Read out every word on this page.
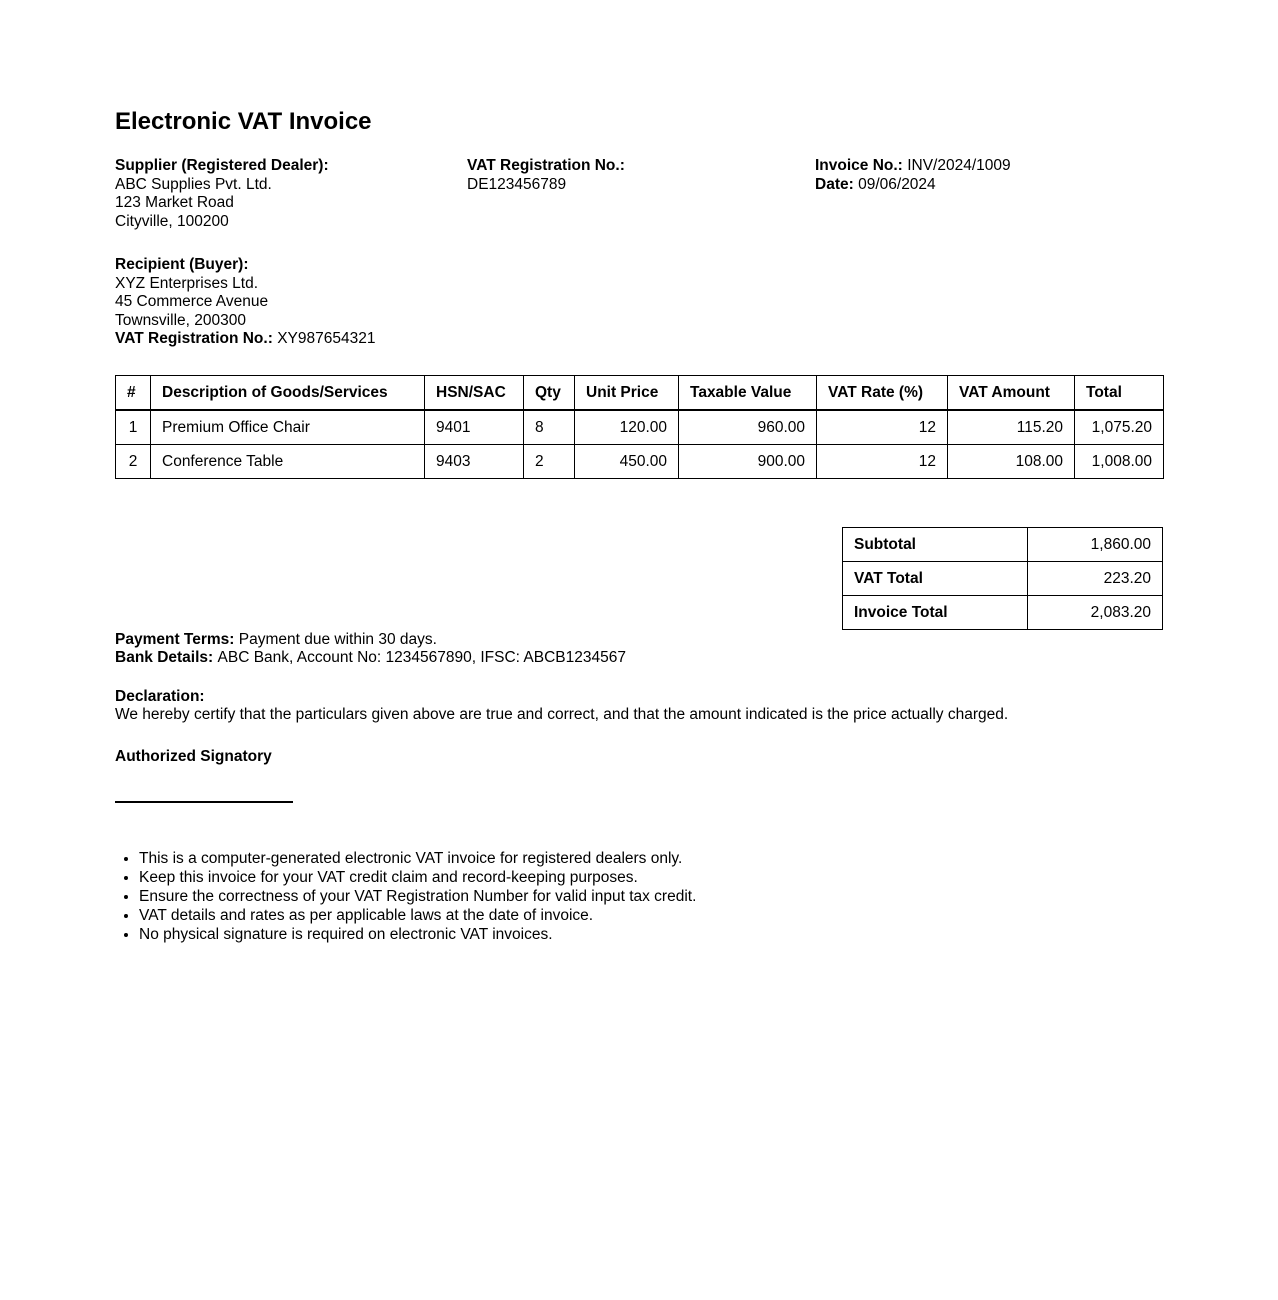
Electronic VAT Invoice
Supplier (Registered Dealer):
ABC Supplies Pvt. Ltd.
123 Market Road
Cityville, 100200
VAT Registration No.:
DE123456789
Invoice No.: INV/2024/1009
Date: 09/06/2024
Recipient (Buyer):
XYZ Enterprises Ltd.
45 Commerce Avenue
Townsville, 200300
VAT Registration No.: XY987654321
#	Description of Goods/Services	HSN/SAC	Qty	Unit Price	Taxable Value	VAT Rate (%)	VAT Amount	Total
1	Premium Office Chair	9401	8	120.00	960.00	12	115.20	1,075.20
2	Conference Table	9403	2	450.00	900.00	12	108.00	1,008.00
Subtotal	1,860.00
VAT Total	223.20
Invoice Total	2,083.20
Payment Terms: Payment due within 30 days.
Bank Details: ABC Bank, Account No: 1234567890, IFSC: ABCB1234567
Declaration:
We hereby certify that the particulars given above are true and correct, and that the amount indicated is the price actually charged.
Authorized Signatory
• This is a computer-generated electronic VAT invoice for registered dealers only.
• Keep this invoice for your VAT credit claim and record-keeping purposes.
• Ensure the correctness of your VAT Registration Number for valid input tax credit.
• VAT details and rates as per applicable laws at the date of invoice.
• No physical signature is required on electronic VAT invoices.
